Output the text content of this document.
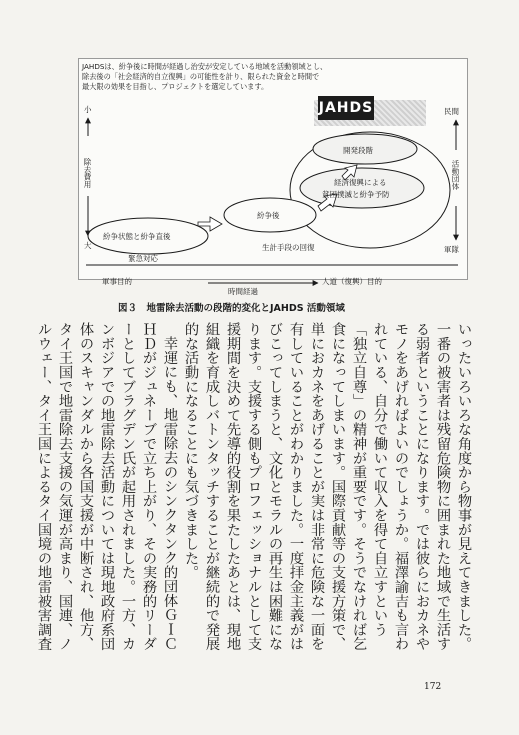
JAHDSは、紛争後に時間が経過し治安が安定している地域を活動領域とし、
除去後の「社会経済的自立復興」の可能性を計り、限られた資金と時間で
最大限の効果を目指し、プロジェクトを選定しています。
JAHDS
小
除去費用
大
民間
活動団体
軍隊
開発段階
経済復興による
貧困撲滅と紛争予防
紛争後
紛争状態と紛争直後
緊急対応
生計手段の回復
軍事目的	人道（復興）目的
時間経過
図３　地雷除去活動の段階的変化とJAHDS 活動領域

いったいろいろな角度から物事が見えてきました。一番の被害者は残留危険物に囲まれた地域で生活する弱者ということになります。では彼らにおカネやモノをあげればよいのでしょうか。福澤諭吉も言われている、自分で働いて収入を得て自立すという「独立自尊」の精神が重要です。そうでなければ乞食になってしまいます。国際貢献等の支援方策で、単におカネをあげることが実は非常に危険な一面を有していることがわかりました。一度拝金主義がはびこってしまうと、文化とモラルの再生は困難になります。支援する側もプロフェッショナルとして支援期間を決めて先導的役割を果たしたあとは、現地組織を育成しバトンタッチすることが継続的で発展的な活動になることにも気づきました。

幸運にも、地雷除去のシンクタンク的団体ＧＩＣＨＤがジュネーブで立ち上がり、その実務的リーダーとしてブラグデン氏が起用されました。一方、カンボジアでの地雷除去活動については現地政府系団体のスキャンダルから各国支援が中断され、他方、タイ王国で地雷除去支援の気運が高まり、国連、ノルウェー、タイ王国によるタイ国境の地雷被害調査

172
